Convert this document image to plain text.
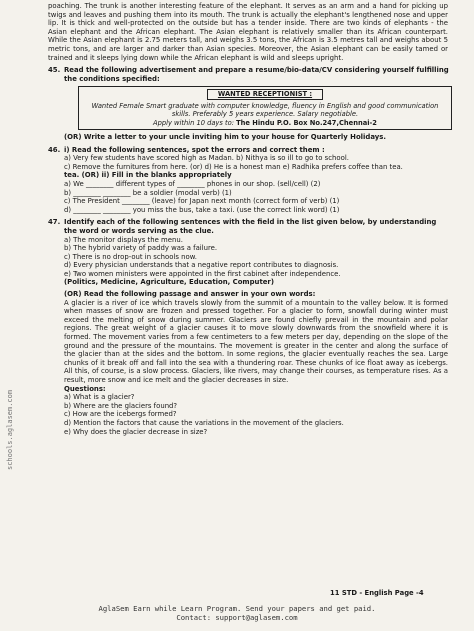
schools.aglasem.com

poaching. The trunk is another interesting feature of the elephant. It serves as an arm and a hand for picking up twigs and leaves and pushing them into its mouth. The trunk is actually the elephant's lengthened nose and upper lip. It is thick and well-protected on the outside but has a tender inside. There are two kinds of elephants - the Asian elephant and the African elephant. The Asian elephant is relatively smaller than its African counterpart. While the Asian elephant is 2.75 meters tall, and weighs 3.5 tons, the African is 3.5 metres tall and weighs about 5 metric tons, and are larger and darker than Asian species. Moreover, the Asian elephant can be easily tamed or trained and it sleeps lying down while the African elephant is wild and sleeps upright.

45. Read the following advertisement and prepare a resume/bio-data/CV considering yourself fulfilling the conditions specified:

WANTED RECEPTIONIST :

Wanted Female Smart graduate with computer knowledge, fluency in English and good communication skills. Preferably 5 years experience. Salary negotiable.

Apply within 10 days to: The Hindu P.O. Box No.247,Chennai-2

(OR) Write a letter to your uncle inviting him to your house for Quarterly Holidays.

46. i) Read the following sentences, spot the errors and correct them :

a) Very few students have scored high as Madan. b) Nithya is so ill to go to school.

c) Remove the furnitures from here. (or) d) He is a honest man e) Radhika prefers coffee than tea.

tea. (OR) ii) Fill in the blanks appropriately

a) We ________ different types of ________ phones in our shop. (sell/cell) (2)

b) ________ ________ be a soldier (modal verb) (1)

c) The President ________ (leave) for Japan next month (correct form of verb) (1)

d) ________ ________ you miss the bus, take a taxi. (use the correct link word) (1)

47. Identify each of the following sentences with the field in the list given below, by understanding the word or words serving as the clue.

a) The monitor displays the menu.

b) The hybrid variety of paddy was a failure.

c) There is no drop-out in schools now.

d) Every physician understands that a negative report contributes to diagnosis.

e) Two women ministers were appointed in the first cabinet after independence.

(Politics, Medicine, Agriculture, Education, Computer)

(OR) Read the following passage and answer in your own words:

A glacier is a river of ice which travels slowly from the summit of a mountain to the valley below. It is formed when masses of snow are frozen and pressed together. For a glacier to form, snowfall during winter must exceed the melting of snow during summer. Glaciers are found chiefly prevail in the mountain and polar regions. The great weight of a glacier causes it to move slowly downwards from the snowfield where it is formed. The movement varies from a few centimeters to a few meters per day, depending on the slope of the ground and the pressure of the mountains. The movement is greater in the center and along the surface of the glacier than at the sides and the bottom. In some regions, the glacier eventually reaches the sea. Large chunks of it break off and fall into the sea with a thundering roar. These chunks of ice float away as icebergs. All this, of course, is a slow process. Glaciers, like rivers, may change their courses, as temperature rises. As a result, more snow and ice melt and the glacier decreases in size.

Questions:

a) What is a glacier?

b) Where are the glaciers found?

c) How are the icebergs formed?

d) Mention the factors that cause the variations in the movement of the glaciers.

e) Why does the glacier decrease in size?

11 STD - English Page -4
AglaSem Earn while Learn Program. Send your papers and get paid.
Contact: support@aglasem.com
